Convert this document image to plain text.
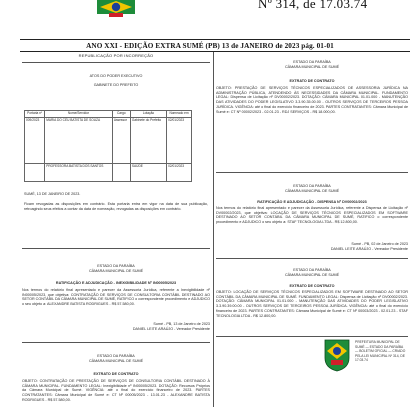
Nº 314, de 17.03.74
ANO XXI - EDIÇÃO EXTRA SUMÉ (PB) 13 de JANEIRO de 2023 pág. 01-01
REPUBLICAÇÃO POR INCORREÇÃO
ATOS DO PODER EXECUTIVO
GABINETE DO PREFEITO
Portaria nº	Nome/Servidor	Cargo	Lotação	Nomeado em
009/2023	MARIA DO CÉU BATISTA DE SOUZA	Assessor	Gabinete do Prefeito	02/01/2023
	PROFESSORA BATISTA DOS SANTOS		SAÚDE	02/01/2023
SUMÉ, 13 DE JANEIRO DE 2023.
Ficam revogadas as disposições em contrário. Esta portaria entra em vigor na data de sua publicação, retroagindo seus efeitos a contar da data de nomeação, revogadas as disposições em contrário.
ESTADO DA PARAÍBA
CÂMARA MUNICIPAL DE SUMÉ
RATIFICAÇÃO E ADJUDICAÇÃO - INEXIGIBILIDADE Nº IN00005/2023
Nos termos do relatório final apresentado e parecer da Assessoria Jurídica, referente a Inexigibilidade nº IN00005/2023, que objetiva: CONTRATAÇÃO DE SERVIÇOS DE CONSULTORIA CONTÁBIL DESTINADO AO SETOR CONTÁBIL DA CÂMARA MUNICIPAL DE SUMÉ, RATIFICO o correspondente procedimento e ADJUDICO o seu objeto a: ALEXANDRE BATISTA RODRIGUES - R$ 57.580,00.
Sumé - PB, 13 de Janeiro de 2023
DANIEL LEITE ARAÚJO - Vereador Presidente
ESTADO DA PARAÍBA
CÂMARA MUNICIPAL DE SUMÉ
EXTRATO DE CONTRATO
OBJETO: CONTRATAÇÃO DE PRESTAÇÃO DE SERVIÇOS DE CONSULTORIA CONTÁBIL DESTINADO À CÂMARA MUNICIPAL. FUNDAMENTO LEGAL: Inexigibilidade nº IN00005/2023. DOTAÇÃO: Recursos Próprios da Câmara Municipal de Sumé. VIGÊNCIA: até o final do exercício financeiro de 2023. PARTES CONTRATANTES: Câmara Municipal de Sumé e: CT Nº 00005/2023 - 13.01.23 - ALEXANDRE BATISTA RODRIGUES - R$ 57.580,00.
ESTADO DA PARAÍBA
CÂMARA MUNICIPAL DE SUMÉ
EXTRATO DE CONTRATO
OBJETO: PRESTAÇÃO DE SERVIÇOS TÉCNICOS ESPECIALIZADOS DE ASSESSORIA JURÍDICA NA ADMINISTRAÇÃO PÚBLICA, ATENDENDO ÀS NECESSIDADES DA CÂMARA MUNICIPAL. FUNDAMENTO LEGAL: Dispensa de Licitação nº DV00002/2023. DOTAÇÃO: CÂMARA MUNICIPAL 01.01.000 - MANUTENÇÃO DAS ATIVIDADES DO PODER LEGISLATIVO 3.3.90.35.00.00 - OUTROS SERVIÇOS DE TERCEIROS PESSOA JURÍDICA. VIGÊNCIA: até o final do exercício financeiro de 2023. PARTES CONTRATANTES: Câmara Municipal de Sumé e: CT Nº 00002/2023 - 02.01.23 - RDJ SERVIÇOS - R$ 18.000,00.
ESTADO DA PARAÍBA
CÂMARA MUNICIPAL DE SUMÉ
RATIFICAÇÃO E ADJUDICAÇÃO - DISPENSA Nº DV00002/2023
Nos termos do relatório final apresentado e parecer da Assessoria Jurídica, referente a Dispensa de Licitação nº DV00002/2023, que objetiva: LOCAÇÃO DE SERVIÇOS TÉCNICOS ESPECIALIZADOS EM SOFTWARE DESTINADO AO SETOR CONTÁBIL DA CÂMARA MUNICIPAL DE SUMÉ, RATIFICO o correspondente procedimento e ADJUDICO o seu objeto a: STAF TECNOLOGIA LTDA - R$ 12.800,00.
Sumé - PB, 02 de Janeiro de 2023
DANIEL LEITE ARAÚJO - Vereador Presidente
ESTADO DA PARAÍBA
CÂMARA MUNICIPAL DE SUMÉ
EXTRATO DE CONTRATO
OBJETO: LOCAÇÃO DE SERVIÇOS TÉCNICOS ESPECIALIZADOS EM SOFTWARE DESTINADO AO SETOR CONTÁBIL DA CÂMARA MUNICIPAL DE SUMÉ. FUNDAMENTO LEGAL: Dispensa de Licitação nº DV00002/2023. DOTAÇÃO: CÂMARA MUNICIPAL 01.01.000 - MANUTENÇÃO DAS ATIVIDADES DO PODER LEGISLATIVO 3.3.90.39.00.00 - OUTROS SERVIÇOS DE TERCEIROS PESSOA JURÍDICA. VIGÊNCIA: até o final do exercício financeiro de 2023. PARTES CONTRATANTES: Câmara Municipal de Sumé e: CT Nº 00003/2023 - 02.01.23 - STAF TECNOLOGIA LTDA - R$ 12.800,00.
PREFEITURA MUNICIPAL DE SUMÉ — ESTADO DA PARAÍBA — BOLETIM OFICIAL — CRIADO PELA LEI MUNICIPAL Nº 314, DE 17.03.74
